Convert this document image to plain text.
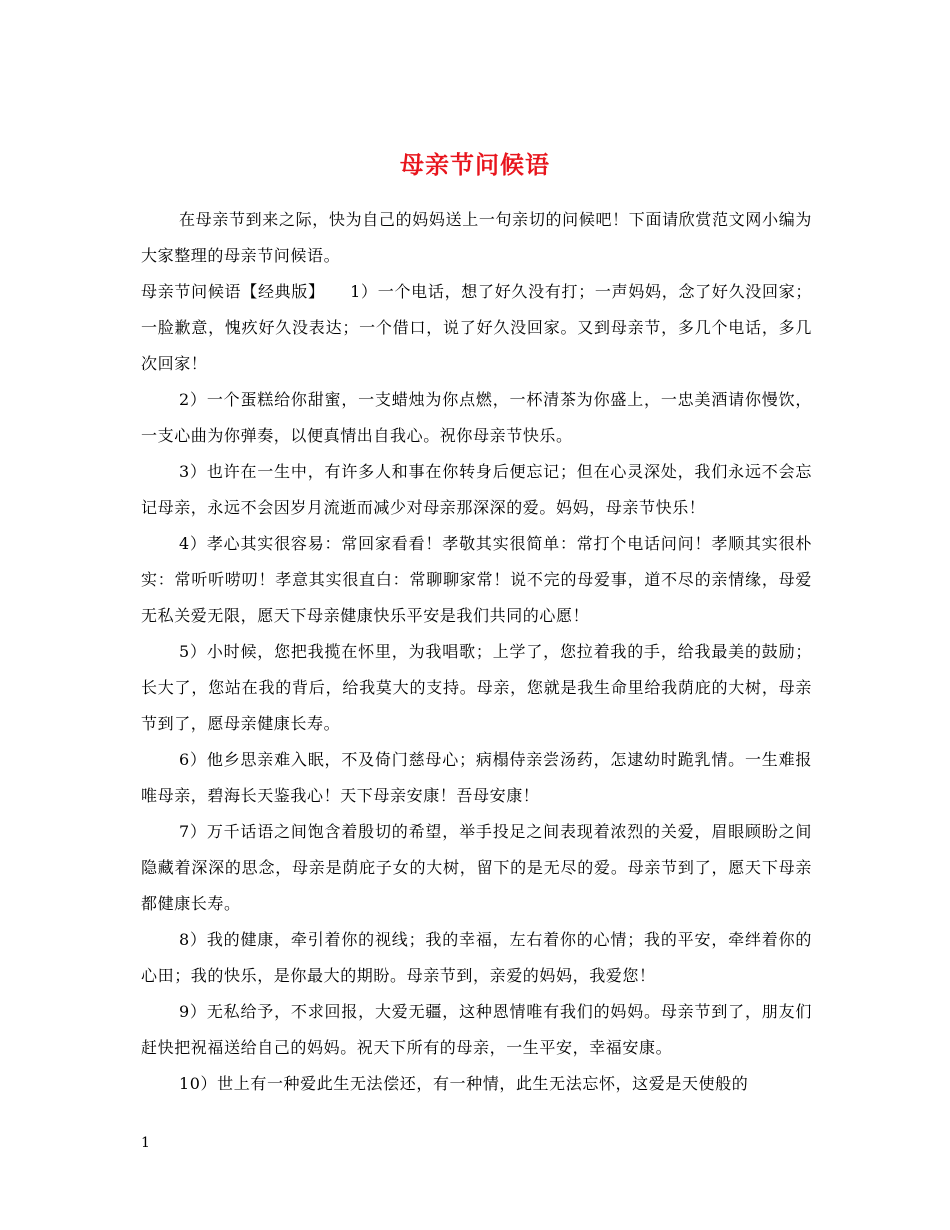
母亲节问候语

在母亲节到来之际，快为自己的妈妈送上一句亲切的问候吧！下面请欣赏范文网小编为大家整理的母亲节问候语。

母亲节问候语【经典版】　　1）一个电话，想了好久没有打；一声妈妈，念了好久没回家；一脸歉意，愧疚好久没表达；一个借口，说了好久没回家。又到母亲节，多几个电话，多几次回家！

2）一个蛋糕给你甜蜜，一支蜡烛为你点燃，一杯清茶为你盛上，一忠美酒请你慢饮，一支心曲为你弹奏，以便真情出自我心。祝你母亲节快乐。

3）也许在一生中，有许多人和事在你转身后便忘记；但在心灵深处，我们永远不会忘记母亲，永远不会因岁月流逝而减少对母亲那深深的爱。妈妈，母亲节快乐！

4）孝心其实很容易：常回家看看！孝敬其实很简单：常打个电话问问！孝顺其实很朴实：常听听唠叨！孝意其实很直白：常聊聊家常！说不完的母爱事，道不尽的亲情缘，母爱无私关爱无限，愿天下母亲健康快乐平安是我们共同的心愿！

5）小时候，您把我揽在怀里，为我唱歌；上学了，您拉着我的手，给我最美的鼓励；长大了，您站在我的背后，给我莫大的支持。母亲，您就是我生命里给我荫庇的大树，母亲节到了，愿母亲健康长寿。

6）他乡思亲难入眠，不及倚门慈母心；病榻侍亲尝汤药，怎逮幼时跪乳情。一生难报唯母亲，碧海长天鉴我心！天下母亲安康！吾母安康！

7）万千话语之间饱含着殷切的希望，举手投足之间表现着浓烈的关爱，眉眼顾盼之间隐藏着深深的思念，母亲是荫庇子女的大树，留下的是无尽的爱。母亲节到了，愿天下母亲都健康长寿。

8）我的健康，牵引着你的视线；我的幸福，左右着你的心情；我的平安，牵绊着你的心田；我的快乐，是你最大的期盼。母亲节到，亲爱的妈妈，我爱您！

9）无私给予，不求回报，大爱无疆，这种恩情唯有我们的妈妈。母亲节到了，朋友们赶快把祝福送给自己的妈妈。祝天下所有的母亲，一生平安，幸福安康。

10）世上有一种爱此生无法偿还，有一种情，此生无法忘怀，这爱是天使般的

1
